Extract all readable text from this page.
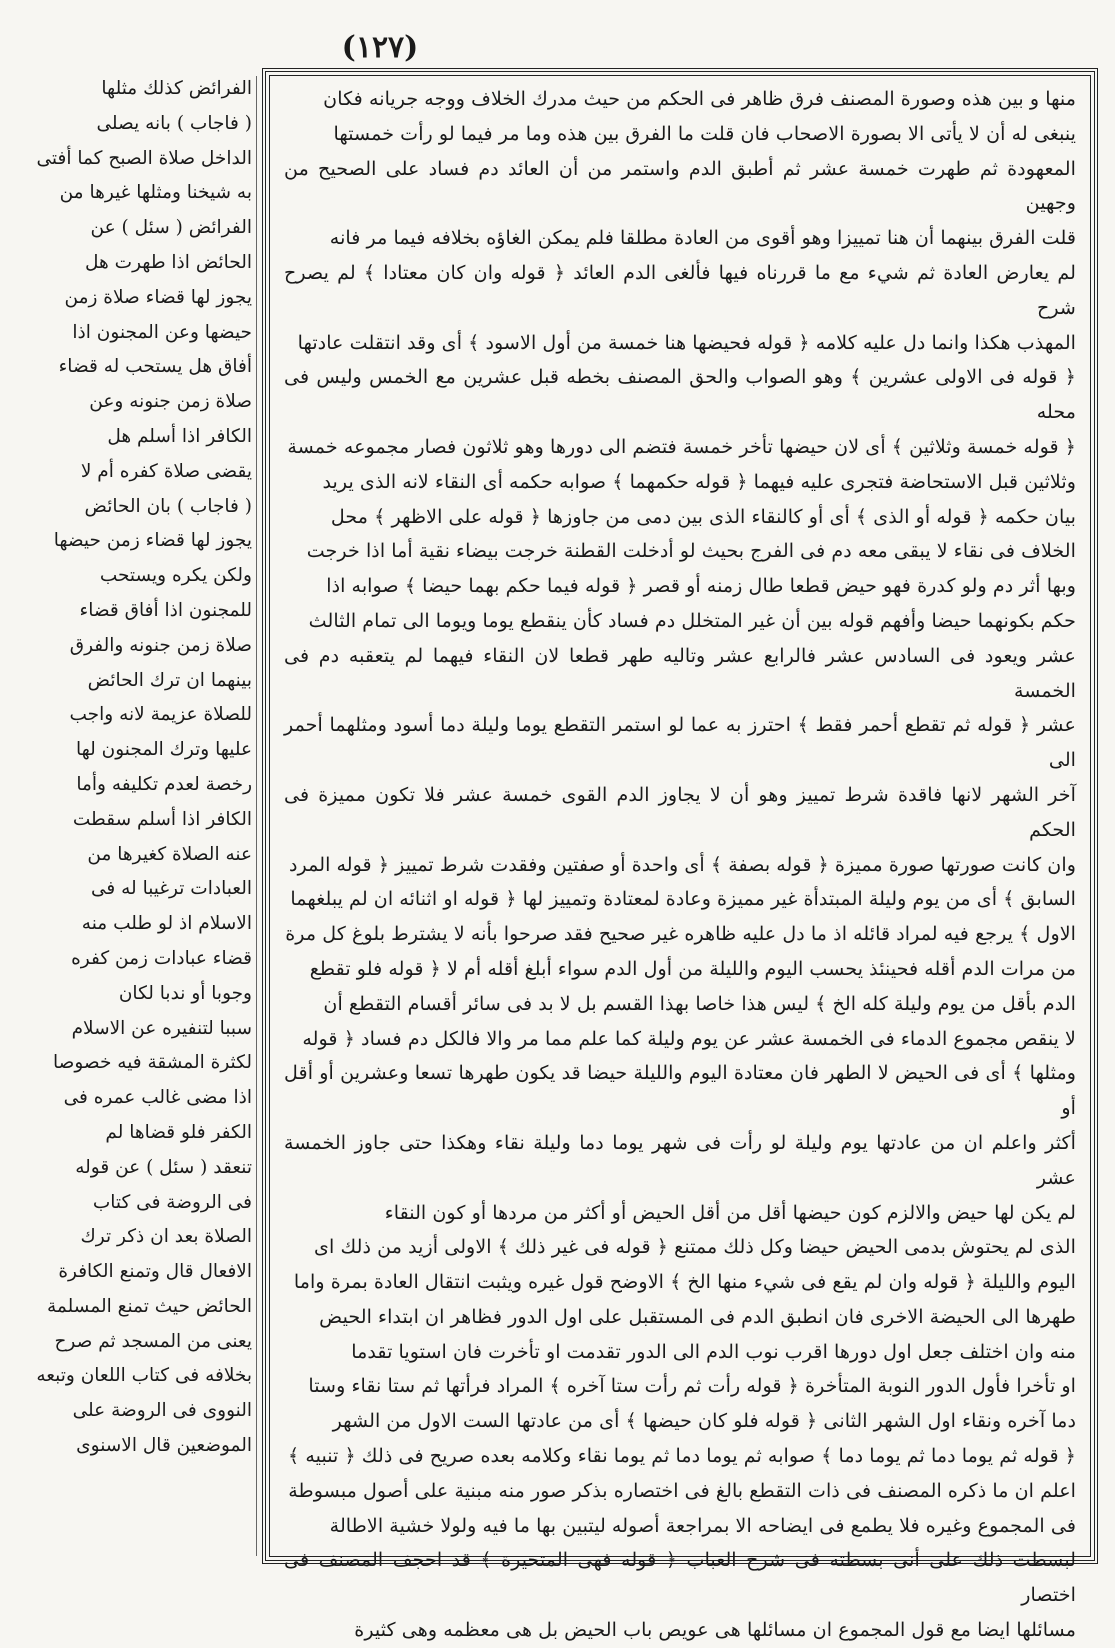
(١٢٧)

الفرائض كذلك مثلها

( فاجاب ) بانه يصلى

الداخل صلاة الصبح كما أفتى

به شيخنا ومثلها غيرها من

الفرائض ( سئل ) عن

الحائض اذا طهرت هل

يجوز لها قضاء صلاة زمن

حيضها وعن المجنون اذا

أفاق هل يستحب له قضاء

صلاة زمن جنونه وعن

الكافر اذا أسلم هل

يقضى صلاة كفره أم لا

( فاجاب ) بان الحائض

يجوز لها قضاء زمن حيضها

ولكن يكره ويستحب

للمجنون اذا أفاق قضاء

صلاة زمن جنونه والفرق

بينهما ان ترك الحائض

للصلاة عزيمة لانه واجب

عليها وترك المجنون لها

رخصة لعدم تكليفه وأما

الكافر اذا أسلم سقطت

عنه الصلاة كغيرها من

العبادات ترغيبا له فى

الاسلام اذ لو طلب منه

قضاء عبادات زمن كفره

وجوبا أو ندبا لكان

سببا لتنفيره عن الاسلام

لكثرة المشقة فيه خصوصا

اذا مضى غالب عمره فى

الكفر فلو قضاها لم

تنعقد ( سئل ) عن قوله

فى الروضة فى كتاب

الصلاة بعد ان ذكر ترك

الافعال قال وتمنع الكافرة

الحائض حيث تمنع المسلمة

يعنى من المسجد ثم صرح

بخلافه فى كتاب اللعان وتبعه

النووى فى الروضة على

الموضعين قال الاسنوى

منها و بين هذه وصورة المصنف فرق ظاهر فى الحكم من حيث مدرك الخلاف ووجه جريانه فكان

ينبغى له أن لا يأتى الا بصورة الاصحاب فان قلت ما الفرق بين هذه وما مر فيما لو رأت خمستها

المعهودة ثم طهرت خمسة عشر ثم أطبق الدم واستمر من أن العائد دم فساد على الصحيح من وجهين

قلت الفرق بينهما أن هنا تمييزا وهو أقوى من العادة مطلقا فلم يمكن الغاؤه بخلافه فيما مر فانه

لم يعارض العادة ثم شيء مع ما قررناه فيها فألغى الدم العائد ﴿ قوله وان كان معتادا ﴾ لم يصرح شرح

المهذب هكذا وانما دل عليه كلامه ﴿ قوله فحيضها هنا خمسة من أول الاسود ﴾ أى وقد انتقلت عادتها

﴿ قوله فى الاولى عشرين ﴾ وهو الصواب والحق المصنف بخطه قبل عشرين مع الخمس وليس فى محله

﴿ قوله خمسة وثلاثين ﴾ أى لان حيضها تأخر خمسة فتضم الى دورها وهو ثلاثون فصار مجموعه خمسة

وثلاثين قبل الاستحاضة فتجرى عليه فيهما ﴿ قوله حكمهما ﴾ صوابه حكمه أى النقاء لانه الذى يريد

بيان حكمه ﴿ قوله أو الذى ﴾ أى أو كالنقاء الذى بين دمى من جاوزها ﴿ قوله على الاظهر ﴾ محل

الخلاف فى نقاء لا يبقى معه دم فى الفرج بحيث لو أدخلت القطنة خرجت بيضاء نقية أما اذا خرجت

وبها أثر دم ولو كدرة فهو حيض قطعا طال زمنه أو قصر ﴿ قوله فيما حكم بهما حيضا ﴾ صوابه اذا

حكم بكونهما حيضا وأفهم قوله بين أن غير المتخلل دم فساد كأن ينقطع يوما ويوما الى تمام الثالث

عشر ويعود فى السادس عشر فالرابع عشر وتاليه طهر قطعا لان النقاء فيهما لم يتعقبه دم فى الخمسة

عشر ﴿ قوله ثم تقطع أحمر فقط ﴾ احترز به عما لو استمر التقطع يوما وليلة دما أسود ومثلهما أحمر الى

آخر الشهر لانها فاقدة شرط تمييز وهو أن لا يجاوز الدم القوى خمسة عشر فلا تكون مميزة فى الحكم

وان كانت صورتها صورة مميزة ﴿ قوله بصفة ﴾ أى واحدة أو صفتين وفقدت شرط تمييز ﴿ قوله المرد

السابق ﴾ أى من يوم وليلة المبتدأة غير مميزة وعادة لمعتادة وتمييز لها ﴿ قوله او اثنائه ان لم يبلغهما

الاول ﴾ يرجع فيه لمراد قائله اذ ما دل عليه ظاهره غير صحيح فقد صرحوا بأنه لا يشترط بلوغ كل مرة

من مرات الدم أقله فحينئذ يحسب اليوم والليلة من أول الدم سواء أبلغ أقله أم لا ﴿ قوله فلو تقطع

الدم بأقل من يوم وليلة كله الخ ﴾ ليس هذا خاصا بهذا القسم بل لا بد فى سائر أقسام التقطع أن

لا ينقص مجموع الدماء فى الخمسة عشر عن يوم وليلة كما علم مما مر والا فالكل دم فساد ﴿ قوله

ومثلها ﴾ أى فى الحيض لا الطهر فان معتادة اليوم والليلة حيضا قد يكون طهرها تسعا وعشرين أو أقل أو

أكثر واعلم ان من عادتها يوم وليلة لو رأت فى شهر يوما دما وليلة نقاء وهكذا حتى جاوز الخمسة عشر

لم يكن لها حيض والالزم كون حيضها أقل من أقل الحيض أو أكثر من مردها أو كون النقاء

الذى لم يحتوش بدمى الحيض حيضا وكل ذلك ممتنع ﴿ قوله فى غير ذلك ﴾ الاولى أزيد من ذلك اى

اليوم والليلة ﴿ قوله وان لم يقع فى شيء منها الخ ﴾ الاوضح قول غيره ويثبت انتقال العادة بمرة واما

طهرها الى الحيضة الاخرى فان انطبق الدم فى المستقبل على اول الدور فظاهر ان ابتداء الحيض

منه وان اختلف جعل اول دورها اقرب نوب الدم الى الدور تقدمت او تأخرت فان استويا تقدما

او تأخرا فأول الدور النوبة المتأخرة ﴿ قوله رأت ثم رأت ستا آخره ﴾ المراد فرأتها ثم ستا نقاء وستا

دما آخره ونقاء اول الشهر الثانى ﴿ قوله فلو كان حيضها ﴾ أى من عادتها الست الاول من الشهر

﴿ قوله ثم يوما دما ثم يوما دما ﴾ صوابه ثم يوما دما ثم يوما نقاء وكلامه بعده صريح فى ذلك ﴿ تنبيه ﴾

اعلم ان ما ذكره المصنف فى ذات التقطع بالغ فى اختصاره بذكر صور منه مبنية على أصول مبسوطة

فى المجموع وغيره فلا يطمع فى ايضاحه الا بمراجعة أصوله ليتبين بها ما فيه ولولا خشية الاطالة

لبسطت ذلك على أنى بسطته فى شرح العباب ﴿ قوله فهى المتحيرة ﴾ قد احجف المصنف فى اختصار

مسائلها ايضا مع قول المجموع ان مسائلها هى عويص باب الحيض بل هى معظمه وهى كثيرة
